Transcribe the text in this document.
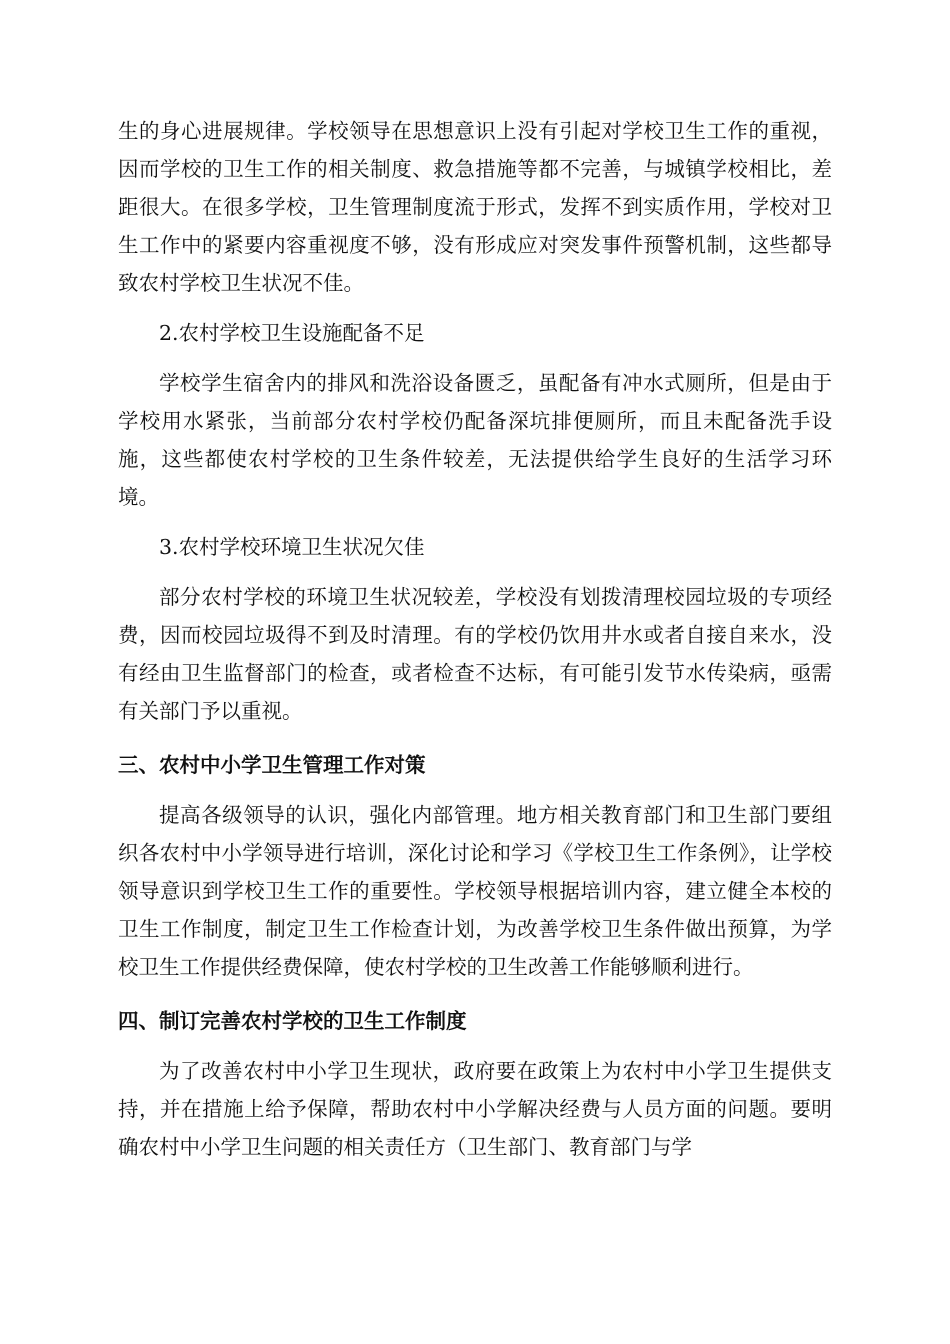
生的身心进展规律。学校领导在思想意识上没有引起对学校卫生工作的重视，因而学校的卫生工作的相关制度、救急措施等都不完善，与城镇学校相比，差距很大。在很多学校，卫生管理制度流于形式，发挥不到实质作用，学校对卫生工作中的紧要内容重视度不够，没有形成应对突发事件预警机制，这些都导致农村学校卫生状况不佳。

2.农村学校卫生设施配备不足

学校学生宿舍内的排风和洗浴设备匮乏，虽配备有冲水式厕所，但是由于学校用水紧张，当前部分农村学校仍配备深坑排便厕所，而且未配备洗手设施，这些都使农村学校的卫生条件较差，无法提供给学生良好的生活学习环境。

3.农村学校环境卫生状况欠佳

部分农村学校的环境卫生状况较差，学校没有划拨清理校园垃圾的专项经费，因而校园垃圾得不到及时清理。有的学校仍饮用井水或者自接自来水，没有经由卫生监督部门的检查，或者检查不达标，有可能引发节水传染病，亟需有关部门予以重视。

三、农村中小学卫生管理工作对策

提高各级领导的认识，强化内部管理。地方相关教育部门和卫生部门要组织各农村中小学领导进行培训，深化讨论和学习《学校卫生工作条例》，让学校领导意识到学校卫生工作的重要性。学校领导根据培训内容，建立健全本校的卫生工作制度，制定卫生工作检查计划，为改善学校卫生条件做出预算，为学校卫生工作提供经费保障，使农村学校的卫生改善工作能够顺利进行。

四、制订完善农村学校的卫生工作制度

为了改善农村中小学卫生现状，政府要在政策上为农村中小学卫生提供支持，并在措施上给予保障，帮助农村中小学解决经费与人员方面的问题。要明确农村中小学卫生问题的相关责任方（卫生部门、教育部门与学
